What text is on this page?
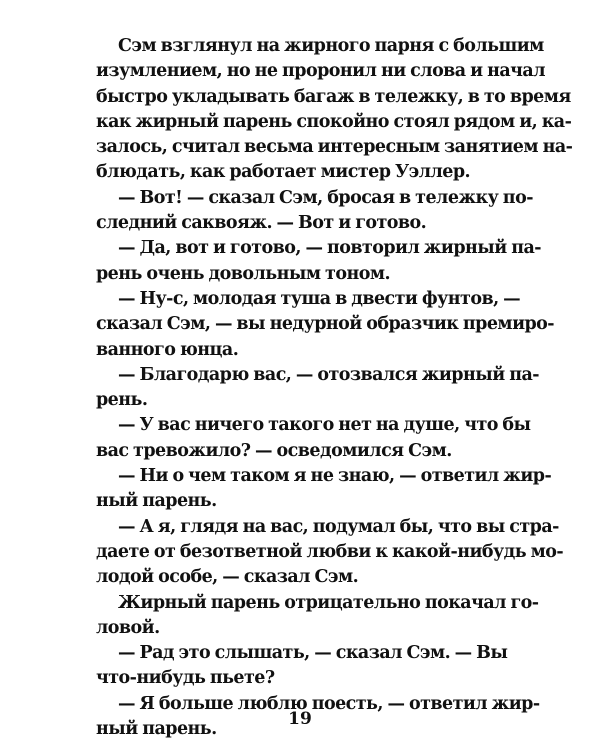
Сэм взглянул на жирного парня с большим
изумлением, но не проронил ни слова и начал
быстро укладывать багаж в тележку, в то время
как жирный парень спокойно стоял рядом и, ка-
залось, считал весьма интересным занятием на-
блюдать, как работает мистер Уэллер.
— Вот! — сказал Сэм, бросая в тележку по-
следний саквояж. — Вот и готово.
— Да, вот и готово, — повторил жирный па-
рень очень довольным тоном.
— Ну-с, молодая туша в двести фунтов, —
сказал Сэм, — вы недурной образчик премиро-
ванного юнца.
— Благодарю вас, — отозвался жирный па-
рень.
— У вас ничего такого нет на душе, что бы
вас тревожило? — осведомился Сэм.
— Ни о чем таком я не знаю, — ответил жир-
ный парень.
— А я, глядя на вас, подумал бы, что вы стра-
даете от безответной любви к какой-нибудь мо-
лодой особе, — сказал Сэм.
Жирный парень отрицательно покачал го-
ловой.
— Рад это слышать, — сказал Сэм. — Вы
что-нибудь пьете?
— Я больше люблю поесть, — ответил жир-
ный парень.
19
